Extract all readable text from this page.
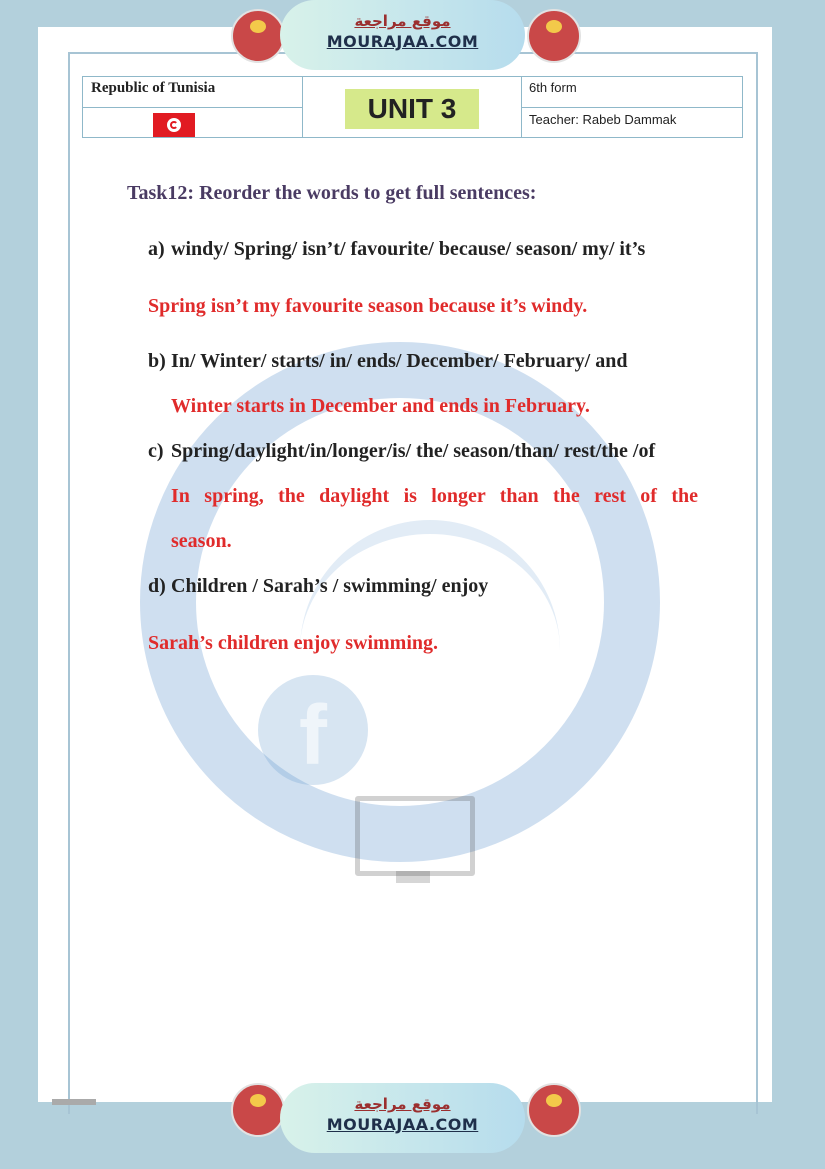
f
موقع مراجعة
MOURAJAA.COM
Republic of Tunisia
UNIT 3
6th form
Teacher: Rabeb Dammak
Task12: Reorder the words to get full sentences:
a) windy/ Spring/ isn’t/ favourite/ because/ season/ my/ it’s
Spring isn’t my favourite season because it’s windy.
b) In/ Winter/ starts/ in/ ends/ December/ February/ and
Winter starts in December and ends in February.
c) Spring/daylight/in/longer/is/ the/ season/than/ rest/the /of
In spring, the daylight is longer than the rest of the
season.
d) Children / Sarah’s / swimming/ enjoy
Sarah’s children enjoy swimming.
موقع مراجعة
MOURAJAA.COM
